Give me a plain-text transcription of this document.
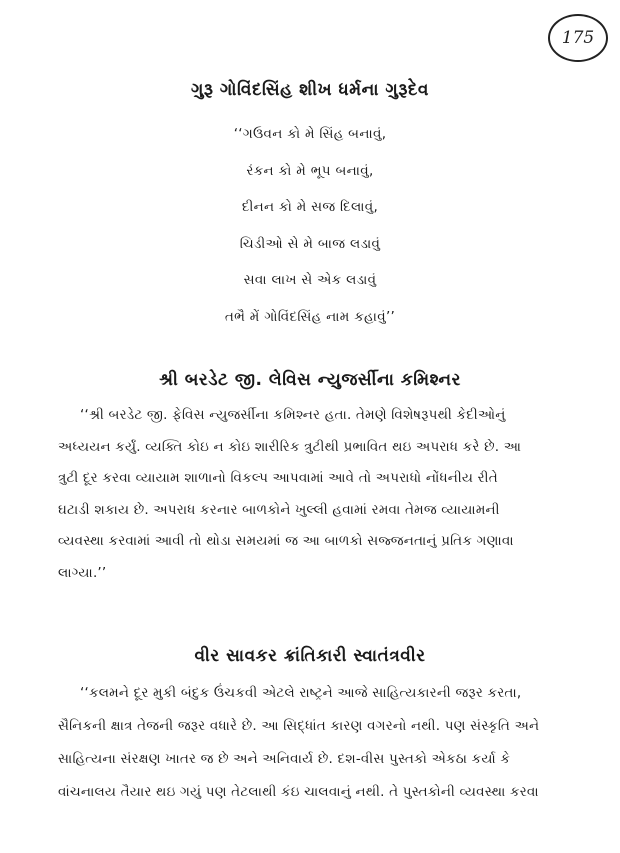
175
ગુરૂ ગોવિંદસિંહ શીખ ધર્મના ગુરૂદેવ
‘‘ગઉવન કો મે સિંહ બનાવું,
રંકન કો મે ભૂપ બનાવું,
દીનન કો મે સજ દિલાવું,
ચિડીઓ સે મે બાજ લડાવું
સવા લાખ સે એક લડાવું
તભૈ મેં ગોવિંદસિંહ નામ કહાવું’’
શ્રી બરડેટ જી. લેવિસ ન્યુજર્સીના કમિશ્નર
‘‘શ્રી બરડેટ જી. ફેવિસ ન્યુજર્સીના કમિશ્નર હતા. તેમણે વિશેષરૂપથી કેદીઓનું
અધ્યયન કર્યું. વ્યક્તિ કોઇ ન કોઇ શારીરિક ત્રુટીથી પ્રભાવિત થઇ અપરાધ કરે છે. આ
ત્રુટી દૂર કરવા વ્યાયામ શાળાનો વિકલ્પ આપવામાં આવે તો અપરાધો નોંધનીય રીતે
ઘટાડી શકાય છે. અપરાધ કરનાર બાળકોને ખુલ્લી હવામાં રમવા તેમજ વ્યાયામની
વ્યવસ્થા કરવામાં આવી તો થોડા સમયમાં જ આ બાળકો સજ્જનતાનું પ્રતિક ગણાવા
લાગ્યા.’’
વીર સાવકર ક્રાંતિકારી સ્વાતંત્રવીર
‘‘કલમને દૂર મુકી બંદુક ઉંચકવી એટલે રાષ્ટ્રને આજે સાહિત્યકારની જરૂર કરતા,
સૈનિકની ક્ષાત્ર તેજની જરૂર વધારે છે. આ સિદ્ધાંત કારણ વગરનો નથી. પણ સંસ્કૃતિ અને
સાહિત્યના સંરક્ષણ ખાતર જ છે અને અનિવાર્ય છે. દશ-વીસ પુસ્તકો એકઠા કર્યા કે
વાંચનાલય તૈયાર થઇ ગયું પણ તેટલાથી કંઇ ચાલવાનું નથી. તે પુસ્તકોની વ્યવસ્થા કરવા
